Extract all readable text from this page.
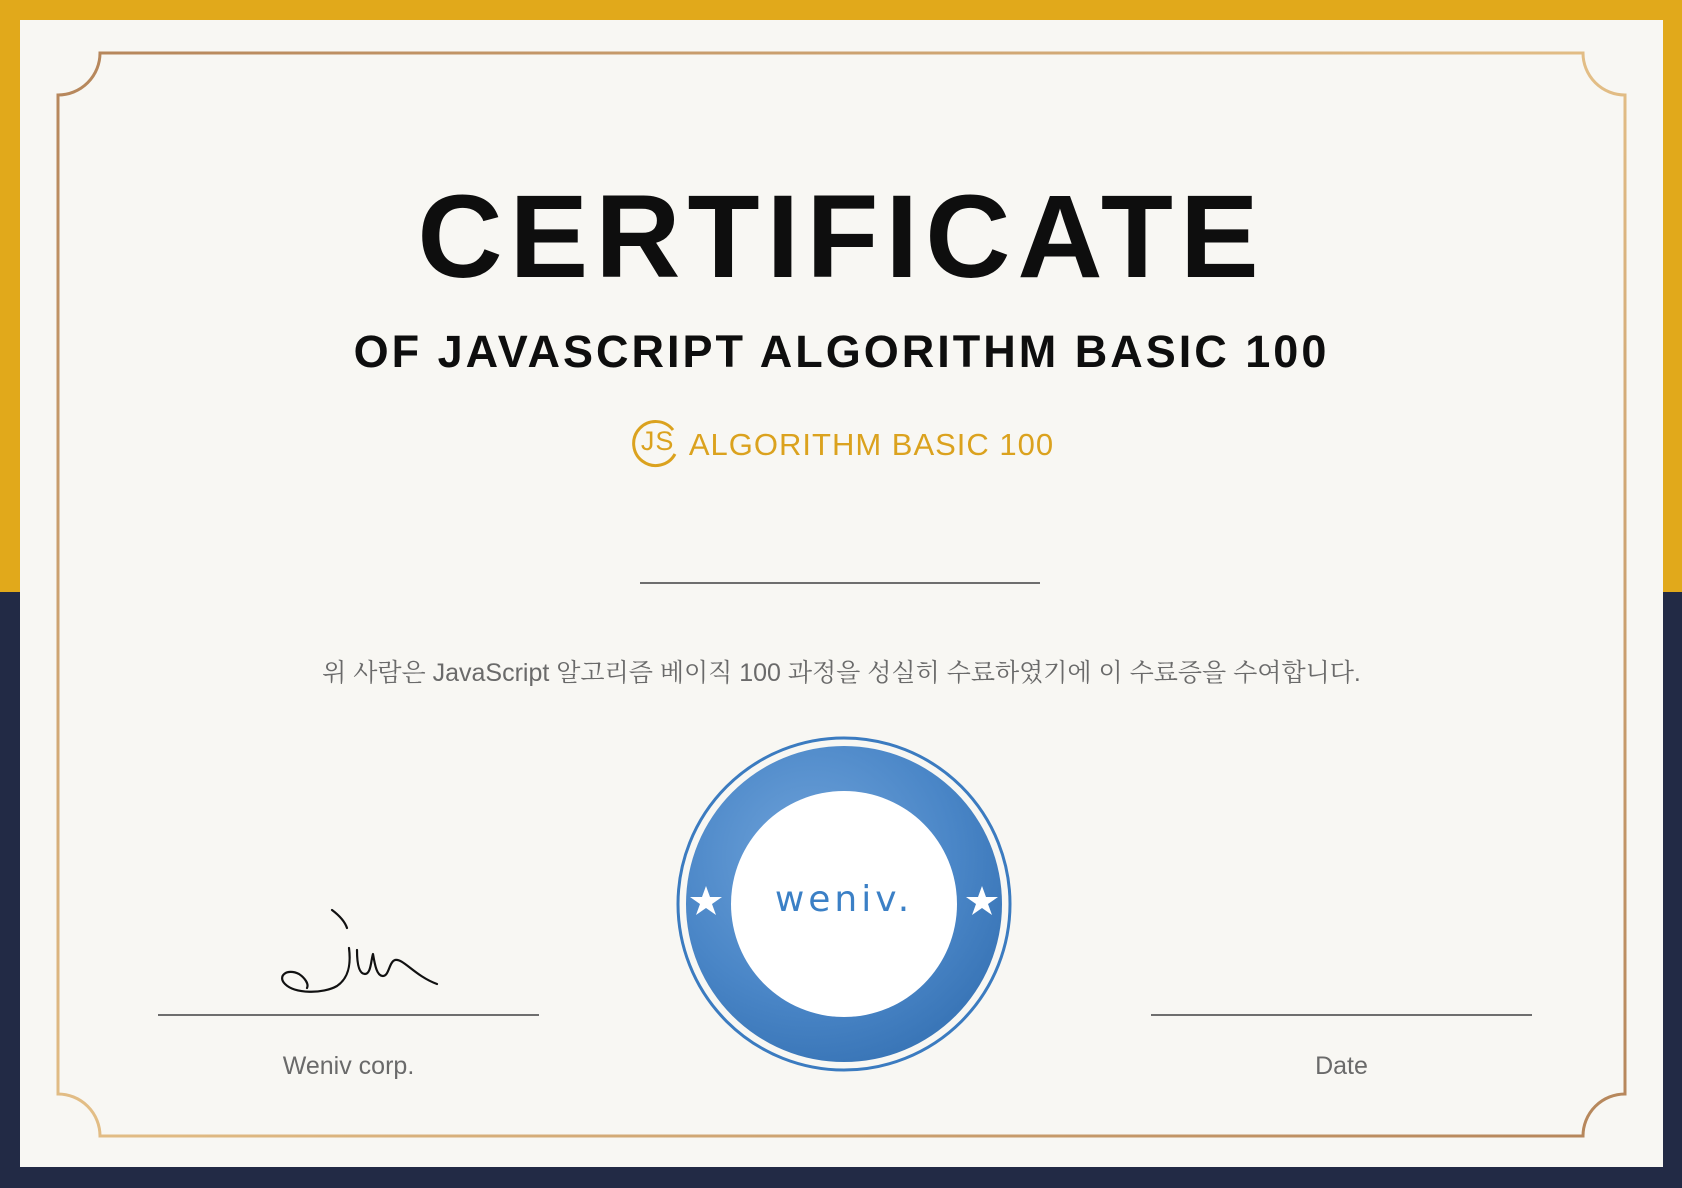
CERTIFICATE
OF JAVASCRIPT ALGORITHM BASIC 100
JS ALGORITHM BASIC 100
위 사람은 JavaScript 알고리즘 베이직 100 과정을 성실히 수료하였기에 이 수료증을 수여합니다.
Weniv corp.	Date
weniv.
